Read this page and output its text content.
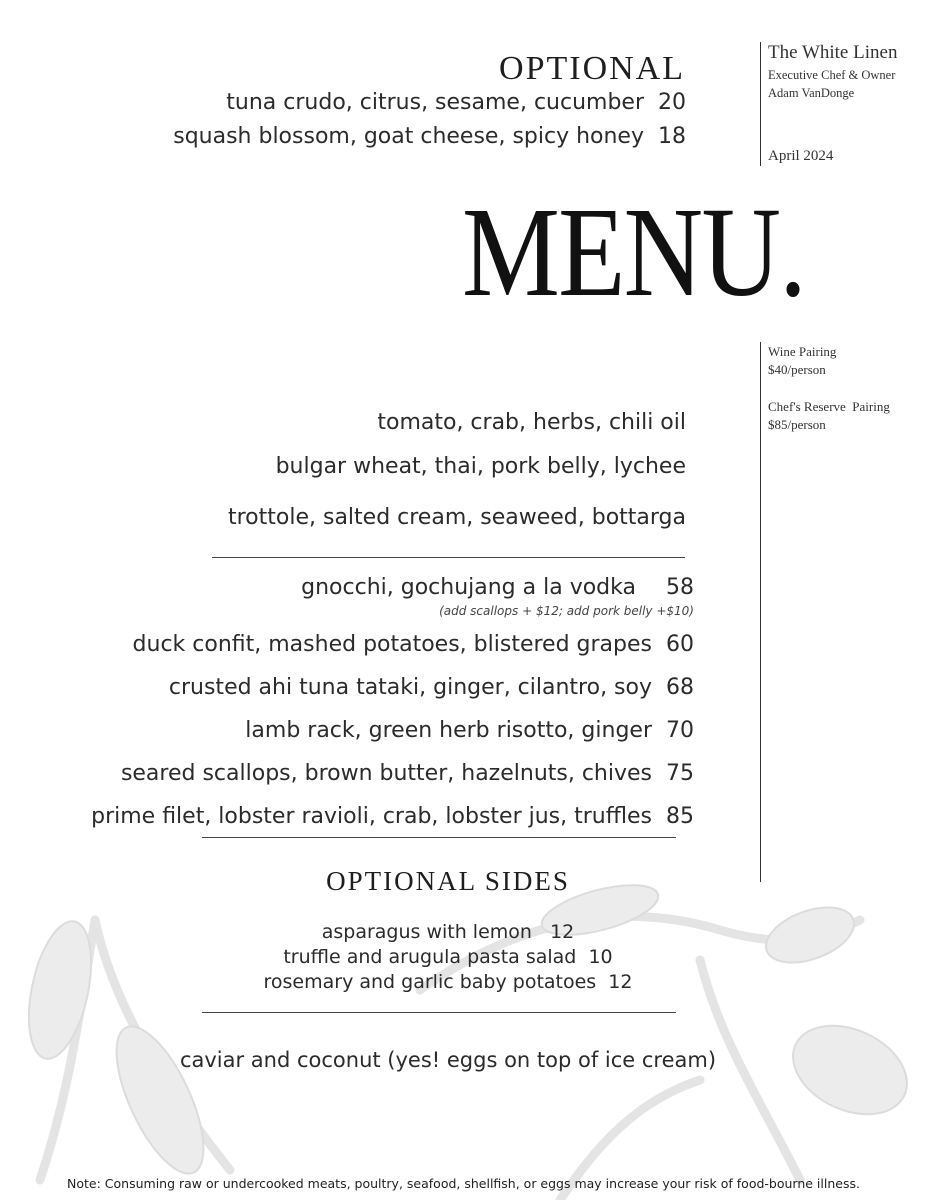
The White Linen
Executive Chef & Owner
Adam VanDonge
April 2024
Wine Pairing
$40/person
Chef's Reserve  Pairing
$85/person
OPTIONAL
tuna crudo, citrus, sesame, cucumber 20
squash blossom, goat cheese, spicy honey 18
MENU.
tomato, crab, herbs, chili oil
bulgar wheat, thai, pork belly, lychee
trottole, salted cream, seaweed, bottarga
gnocchi, gochujang a la vodka 58
(add scallops + $12; add pork belly +$10)
duck confit, mashed potatoes, blistered grapes 60
crusted ahi tuna tataki, ginger, cilantro, soy 68
lamb rack, green herb risotto, ginger 70
seared scallops, brown butter, hazelnuts, chives 75
prime filet, lobster ravioli, crab, lobster jus, truffles 85
OPTIONAL SIDES
asparagus with lemon 12
truffle and arugula pasta salad 10
rosemary and garlic baby potatoes 12
caviar and coconut (yes! eggs on top of ice cream)
Note: Consuming raw or undercooked meats, poultry, seafood, shellfish, or eggs may increase your risk of food-bourne illness.
